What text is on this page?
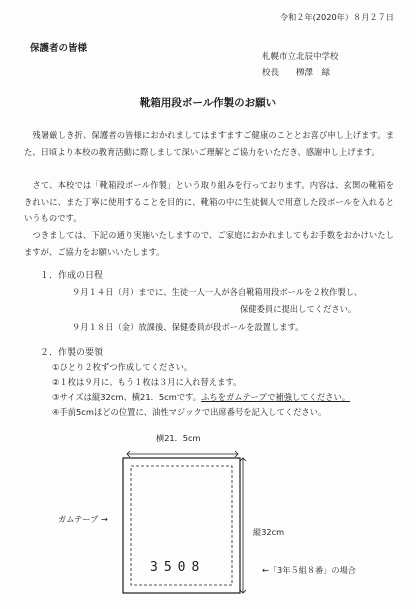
令和２年(2020年）８月２７日
保護者の皆様
札幌市立北辰中学校
校長　　栁澤　緑
靴箱用段ボール作製のお願い
　残暑厳しき折、保護者の皆様におかれましてはますますご健康のこととお喜び申し上げます。また、日頃より本校の教育活動に際しまして深いご理解とご協力をいただき、感謝申し上げます。
　さて、本校では「靴箱段ボール作製」という取り組みを行っております。内容は、玄関の靴箱をきれいに、また丁寧に使用することを目的に、靴箱の中に生徒個人で用意した段ボールを入れるというものです。
　つきましては、下記の通り実施いたしますので、ご家庭におかれましてもお手数をおかけいたしますが、ご協力をお願いいたします。
１．作成の日程
９月１４日（月）までに、生徒一人一人が各自靴箱用段ボールを２枚作製し、
保健委員に提出してください。
９月１８日（金）放課後、保健委員が段ボールを設置します。
２．作製の要領
①ひとり２枚ずつ作成してください。
②１枚は９月に、もう１枚は３月に入れ替えます。
③サイズは縦32cm、横21．5cmです。ふちをガムテープで補強してください。
④手前5cmほどの位置に、油性マジックで出席番号を記入してください。
横21．5cm
ガムテープ →
縦32cm
3508	←「3年５組８番」の場合
